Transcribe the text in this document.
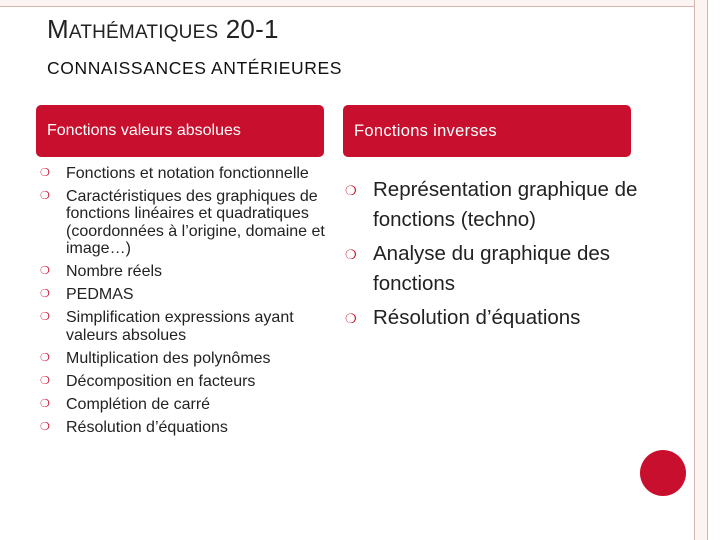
MATHÉMATIQUES 20-1
CONNAISSANCES ANTÉRIEURES
Fonctions valeurs absolues	Fonctions inverses
❍ Fonctions et notation fonctionnelle
❍ Caractéristiques des graphiques de fonctions linéaires et quadratiques (coordonnées à l’origine, domaine et image…)
❍ Nombre réels
❍ PEDMAS
❍ Simplification expressions ayant valeurs absolues
❍ Multiplication des polynômes
❍ Décomposition en facteurs
❍ Complétion de carré
❍ Résolution d’équations
❍ Représentation graphique de fonctions (techno)
❍ Analyse du graphique des fonctions
❍ Résolution d’équations
